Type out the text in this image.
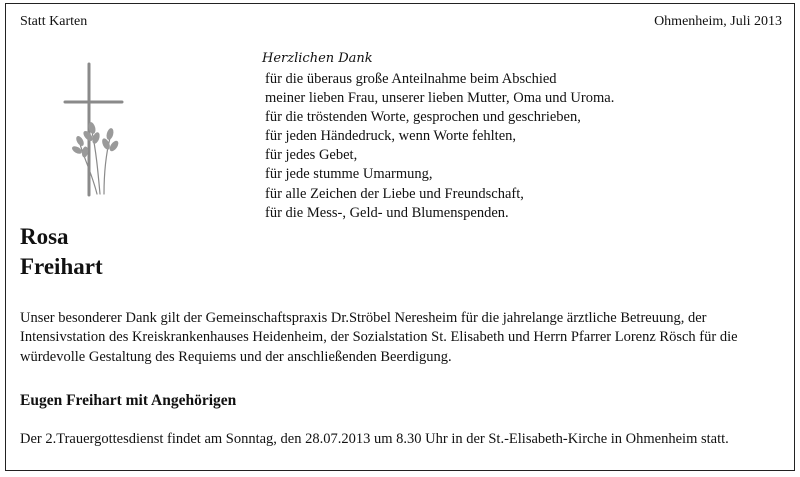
Statt Karten	Ohmenheim, Juli 2013
Herzlichen Dank
für die überaus große Anteilnahme beim Abschied
meiner lieben Frau, unserer lieben Mutter, Oma und Uroma.
für die tröstenden Worte, gesprochen und geschrieben,
für jeden Händedruck, wenn Worte fehlten,
für jedes Gebet,
für jede stumme Umarmung,
für alle Zeichen der Liebe und Freundschaft,
für die Mess-, Geld- und Blumenspenden.
Rosa
Freihart

Unser besonderer Dank gilt der Gemeinschaftspraxis Dr.Ströbel Neresheim für die jahrelange ärztliche Betreuung, der Intensivstation des Kreiskrankenhauses Heidenheim, der Sozialstation St. Elisabeth und Herrn Pfarrer Lorenz Rösch für die würdevolle Gestaltung des Requiems und der anschließenden Beerdigung.

Eugen Freihart mit Angehörigen

Der 2.Trauergottesdienst findet am Sonntag, den 28.07.2013 um 8.30 Uhr in der St.-Elisabeth-Kirche in Ohmenheim statt.
